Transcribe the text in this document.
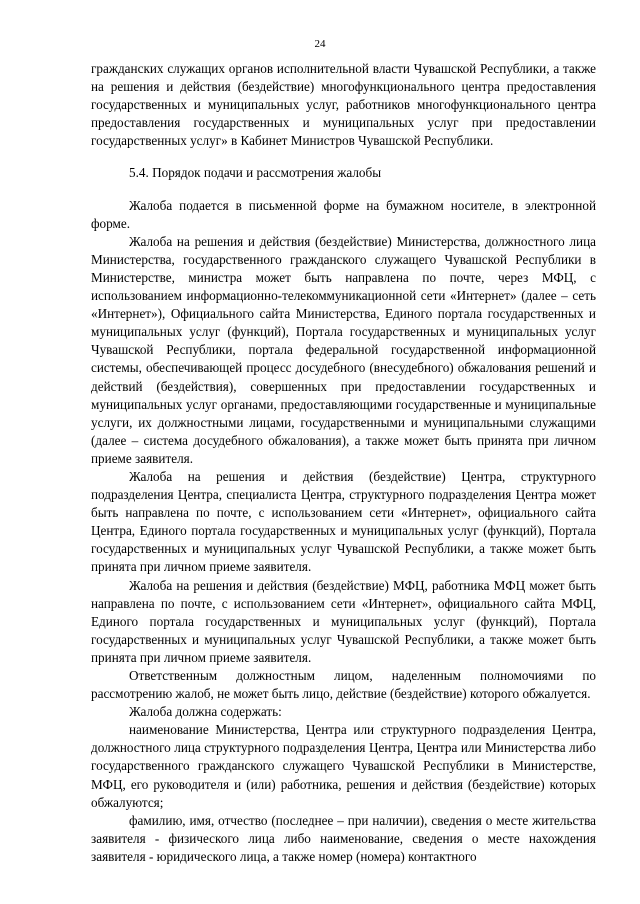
24

гражданских служащих органов исполнительной власти Чувашской Республики, а также на решения и действия (бездействие) многофункционального центра предоставления государственных и муниципальных услуг, работников многофункционального центра предоставления государственных и муниципальных услуг при предоставлении государственных услуг» в Кабинет Министров Чувашской Республики.

5.4. Порядок подачи и рассмотрения жалобы

Жалоба подается в письменной форме на бумажном носителе, в электронной форме.

Жалоба на решения и действия (бездействие) Министерства, должностного лица Министерства, государственного гражданского служащего Чувашской Республики в Министерстве, министра может быть направлена по почте, через МФЦ, с использованием информационно-телекоммуникационной сети «Интернет» (далее – сеть «Интернет»), Официального сайта Министерства, Единого портала государственных и муниципальных услуг (функций), Портала государственных и муниципальных услуг Чувашской Республики, портала федеральной государственной информационной системы, обеспечивающей процесс досудебного (внесудебного) обжалования решений и действий (бездействия), совершенных при предоставлении государственных и муниципальных услуг органами, предоставляющими государственные и муниципальные услуги, их должностными лицами, государственными и муниципальными служащими (далее – система досудебного обжалования), а также может быть принята при личном приеме заявителя.

Жалоба на решения и действия (бездействие) Центра, структурного подразделения Центра, специалиста Центра, структурного подразделения Центра может быть направлена по почте, с использованием сети «Интернет», официального сайта Центра, Единого портала государственных и муниципальных услуг (функций), Портала государственных и муниципальных услуг Чувашской Республики, а также может быть принята при личном приеме заявителя.

Жалоба на решения и действия (бездействие) МФЦ, работника МФЦ может быть направлена по почте, с использованием сети «Интернет», официального сайта МФЦ, Единого портала государственных и муниципальных услуг (функций), Портала государственных и муниципальных услуг Чувашской Республики, а также может быть принята при личном приеме заявителя.

Ответственным должностным лицом, наделенным полномочиями по рассмотрению жалоб, не может быть лицо, действие (бездействие) которого обжалуется.

Жалоба должна содержать:

наименование Министерства, Центра или структурного подразделения Центра, должностного лица структурного подразделения Центра, Центра или Министерства либо государственного гражданского служащего Чувашской Республики в Министерстве, МФЦ, его руководителя и (или) работника, решения и действия (бездействие) которых обжалуются;

фамилию, имя, отчество (последнее – при наличии), сведения о месте жительства заявителя - физического лица либо наименование, сведения о месте нахождения заявителя - юридического лица, а также номер (номера) контактного
